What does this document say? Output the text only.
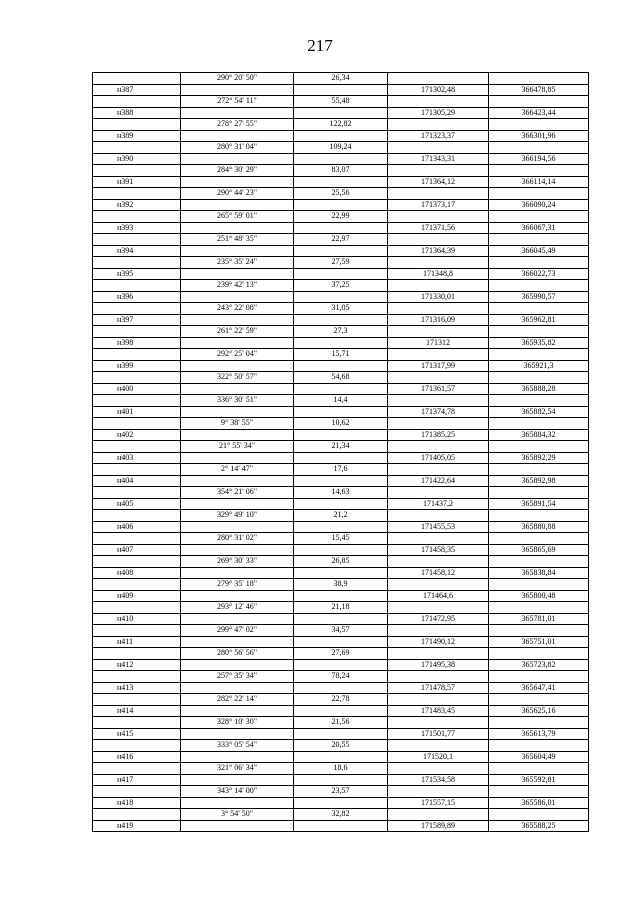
217
	290° 20' 50"	26,34		
н387			171302,48	366478,85
	272° 54' 11"	55,48		
н388			171305,29	366423,44
	278° 27' 55"	122,82		
н389			171323,37	366301,96
	280° 31' 04"	109,24		
н390			171343,31	366194,56
	284° 30' 29"	83,07		
н391			171364,12	366114,14
	290° 44' 23"	25,56		
н392			171373,17	366090,24
	265° 59' 01"	22,99		
н393			171371,56	366067,31
	251° 48' 35"	22,97		
н394			171364,39	366045,49
	235° 35' 24"	27,59		
н395			171348,8	366022,73
	239° 42' 13"	37,25		
н396			171330,01	365990,57
	243° 22' 08"	31,05		
н397			171316,09	365962,81
	261° 22' 59"	27,3		
н398			171312	365935,82
	292° 25' 04"	15,71		
н399			171317,99	365921,3
	322° 50' 57"	54,68		
н400			171361,57	365888,28
	336° 30' 51"	14,4		
н401			171374,78	365882,54
	9° 38' 55"	10,62		
н402			171385,25	365884,32
	21° 55' 34"	21,34		
н403			171405,05	365892,29
	2° 14' 47"	17,6		
н404			171422,64	365892,98
	354° 21' 06"	14,63		
н405			171437,2	365891,54
	329° 49' 10"	21,2		
н406			171455,53	365880,88
	280° 31' 02"	15,45		
н407			171458,35	365865,69
	269° 30' 33"	26,85		
н408			171458,12	365838,84
	279° 35' 18"	38,9		
н409			171464,6	365800,48
	293° 12' 46"	21,18		
н410			171472,95	365781,01
	299° 47' 02"	34,57		
н411			171490,12	365751,01
	280° 56' 56"	27,69		
н412			171495,38	365723,82
	257° 35' 34"	78,24		
н413			171478,57	365647,41
	282° 22' 14"	22,78		
н414			171483,45	365625,16
	328° 10' 30"	21,56		
н415			171501,77	365613,79
	333° 05' 54"	20,55		
н416			171520,1	365604,49
	321° 06' 34"	18,6		
н417			171534,58	365592,81
	343° 14' 00"	23,57		
н418			171557,15	365586,01
	3° 54' 50"	32,82		
н419			171589,89	365588,25
